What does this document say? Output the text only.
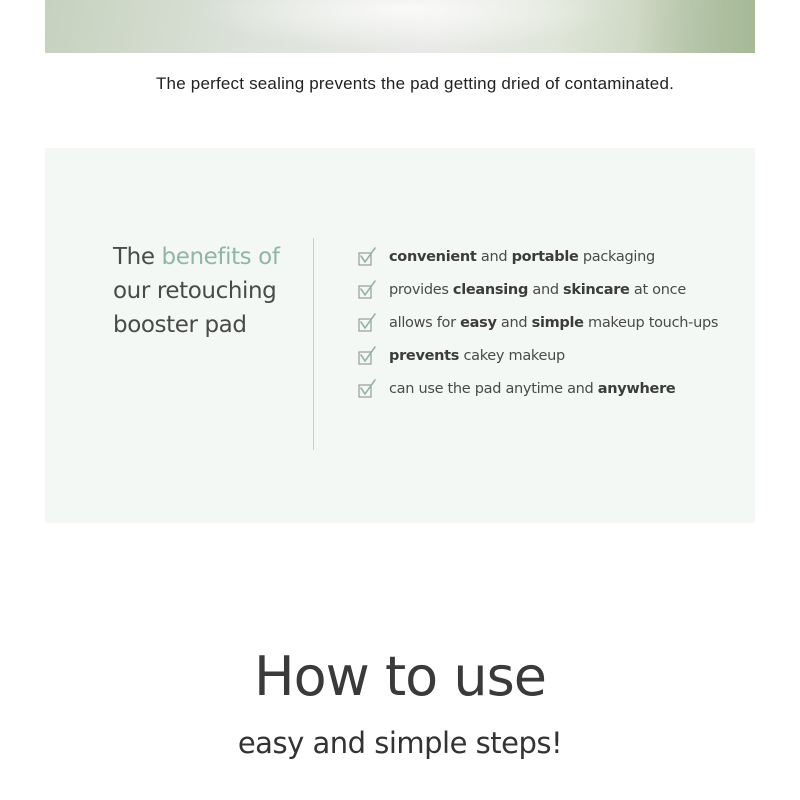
The perfect sealing prevents the pad getting dried of contaminated.
The benefits of
our retouching
booster pad
convenient and portable packaging
provides cleansing and skincare at once
allows for easy and simple makeup touch-ups
prevents cakey makeup
can use the pad anytime and anywhere
How to use

easy and simple steps!
